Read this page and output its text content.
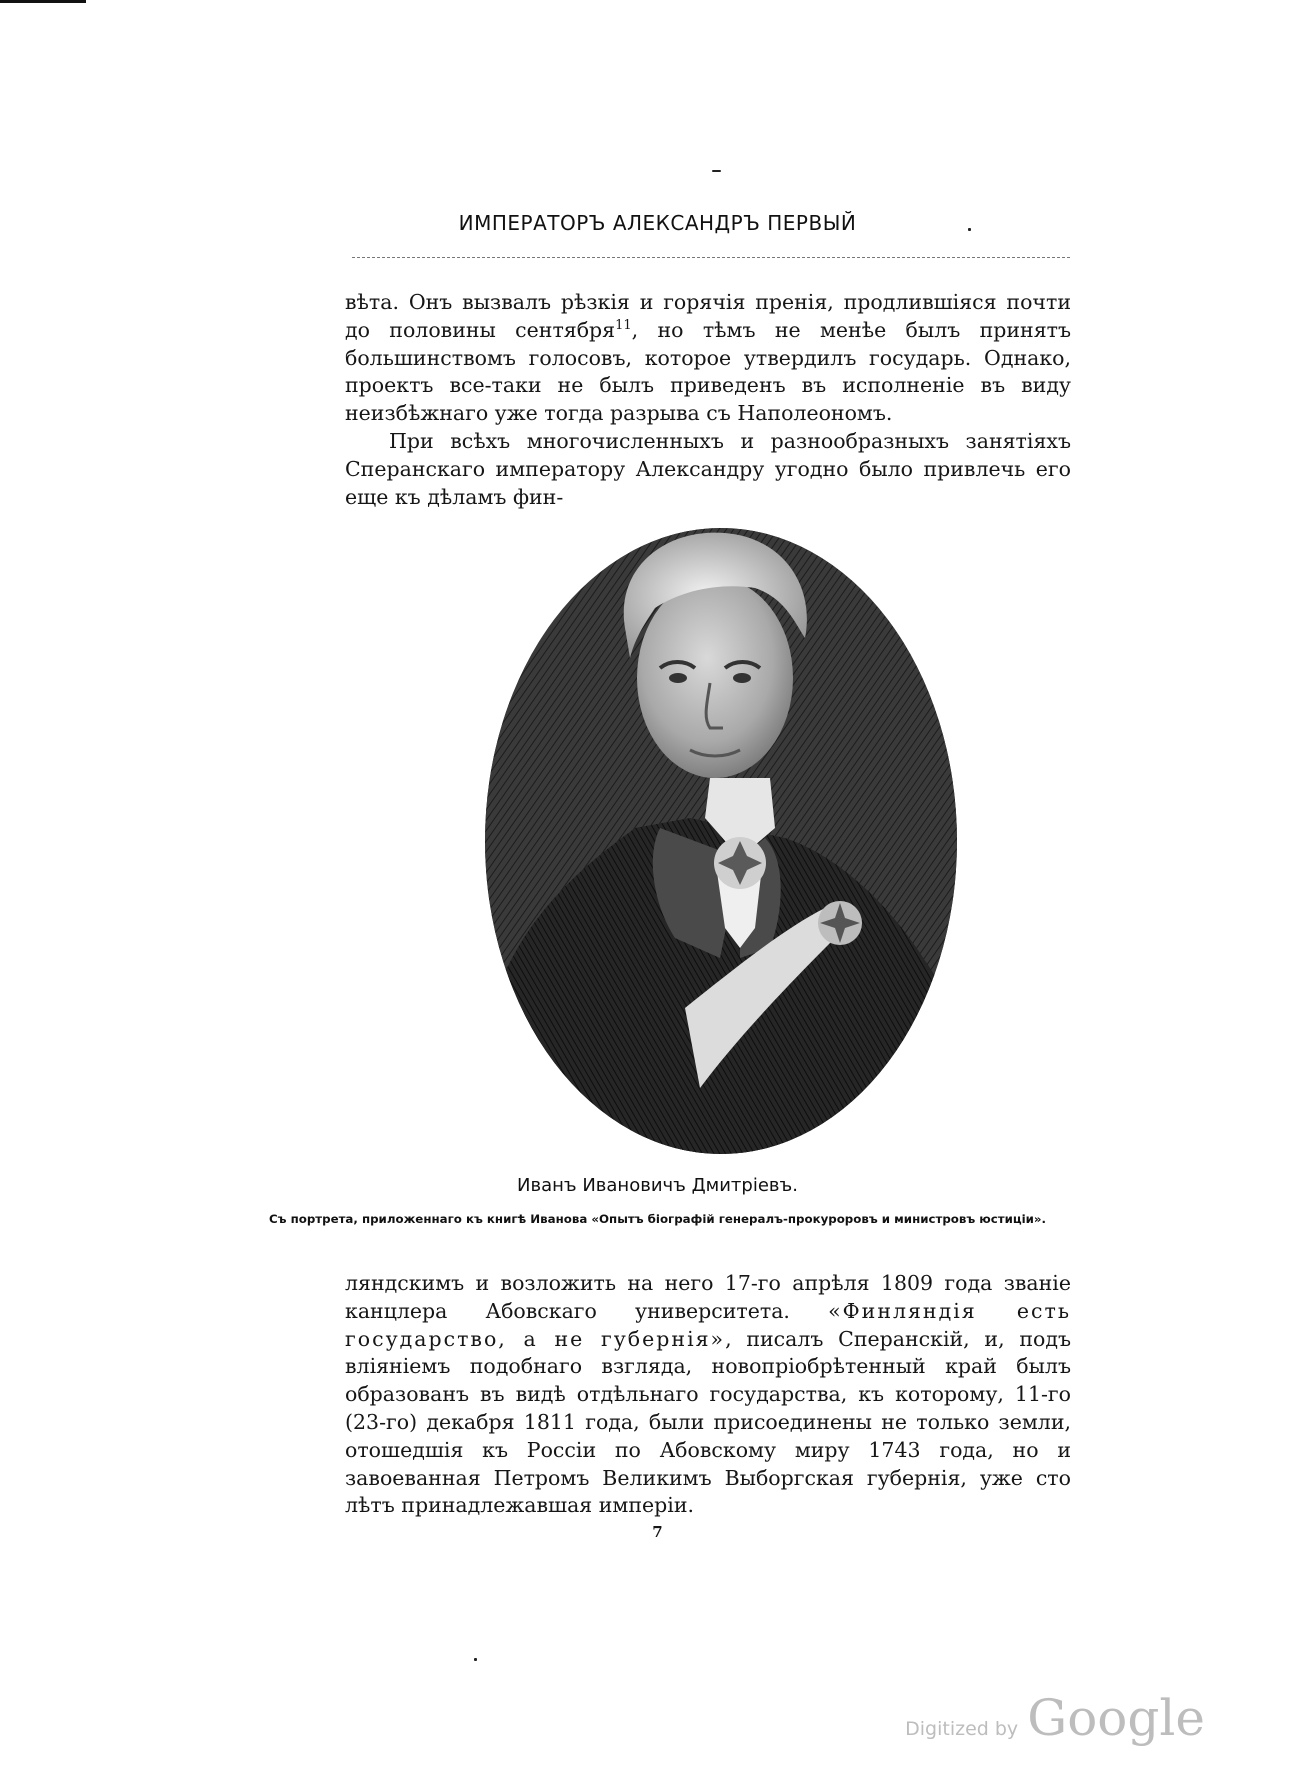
ИМПЕРАТОРЪ АЛЕКСАНДРЪ ПЕРВЫЙ

вѣта. Онъ вызвалъ рѣзкія и горячія пренія, продлившіяся почти до половины сентября$^{11}$, но тѣмъ не менѣе былъ принятъ большинствомъ голосовъ, которое утвердилъ государь. Однако, проектъ все-таки не былъ приведенъ въ исполненіе въ виду неизбѣжнаго уже тогда разрыва съ Наполеономъ.

При всѣхъ многочисленныхъ и разнообразныхъ занятіяхъ Сперанскаго императору Александру угодно было привлечь его еще къ дѣламъ фин-

Иванъ Ивановичъ Дмитріевъ.
Съ портрета, приложеннаго къ книгѣ Иванова «Опытъ біографій генералъ-прокуроровъ и министровъ юстиціи».

ляндскимъ и возложить на него 17-го апрѣля 1809 года званіе канцлера Абовскаго университета. «Финляндія есть государство, а не губернія», писалъ Сперанскій, и, подъ вліяніемъ подобнаго взгляда, новопріобрѣтенный край былъ образованъ въ видѣ отдѣльнаго государства, къ которому, 11-го (23-го) декабря 1811 года, были присоединены не только земли, отошедшія къ Россіи по Абовскому миру 1743 года, но и завоеванная Петромъ Великимъ Выборгская губернія, уже сто лѣтъ принадлежавшая имперіи.

7
Digitized by Google
